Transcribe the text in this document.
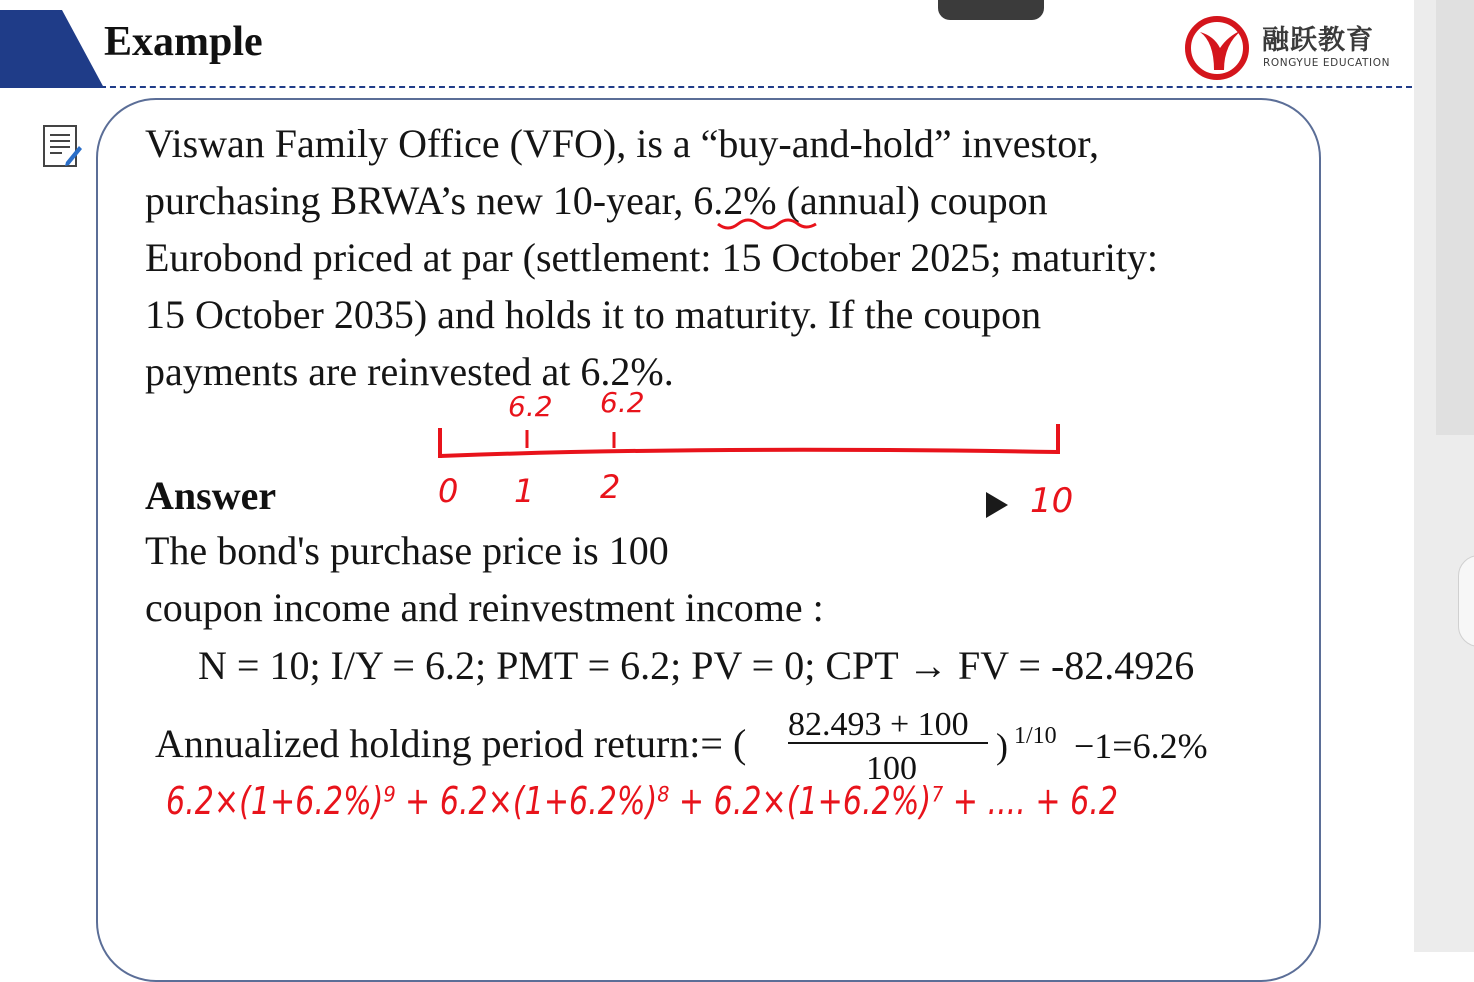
Example	融跃教育
RONGYUE EDUCATION
Viswan Family Office (VFO), is a “buy-and-hold” investor,
purchasing BRWA’s new 10-year, 6.2% (annual) coupon
Eurobond priced at par (settlement: 15 October 2025; maturity:
15 October 2035) and holds it to maturity. If the coupon
payments are reinvested at 6.2%.
Answer
The bond's purchase price is 100
coupon income and reinvestment income :
N = 10; I/Y = 6.2; PMT = 6.2; PV = 0; CPT → FV = -82.4926
Annualized holding period return:= ( 82.493 + 100
100
) 1/10 −1=6.2%
6.2 6.2
0 1 2	10
6.2×(1+6.2%)⁹ + 6.2×(1+6.2%)⁸ + 6.2×(1+6.2%)⁷ + .... + 6.2
